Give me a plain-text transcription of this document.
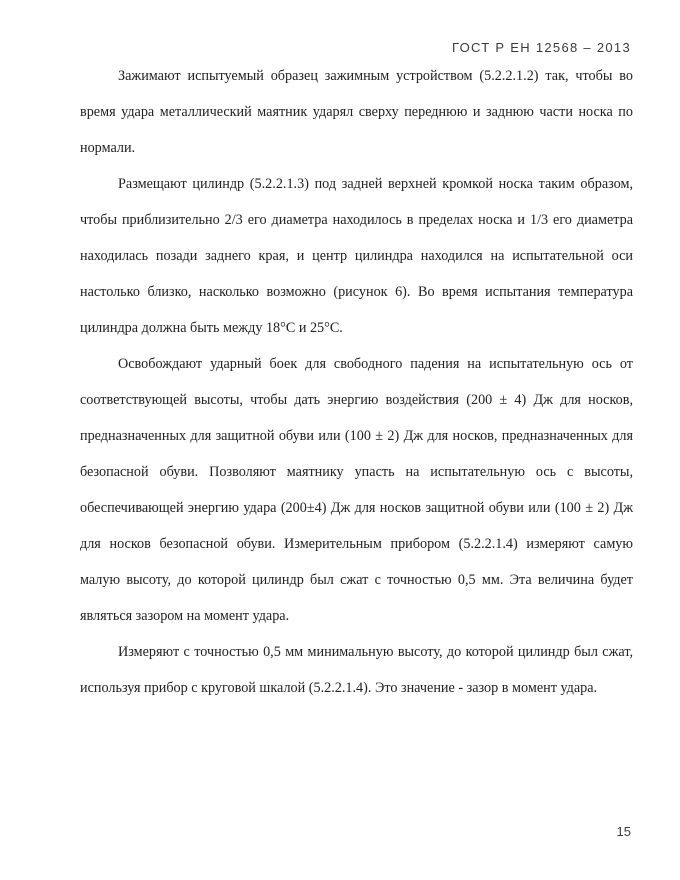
ГОСТ Р ЕН 12568 – 2013

Зажимают испытуемый образец зажимным устройством (5.2.2.1.2) так, чтобы во время удара металлический маятник ударял сверху переднюю и заднюю части носка по нормали.

Размещают цилиндр (5.2.2.1.3) под задней верхней кромкой носка таким образом, чтобы приблизительно 2/3 его диаметра находилось в пределах носка и 1/3 его диаметра находилась позади заднего края, и центр цилиндра находился на испытательной оси настолько близко, насколько возможно (рисунок 6). Во время испытания температура цилиндра должна быть между 18°С и 25°С.

Освобождают ударный боек для свободного падения на испытательную ось от соответствующей высоты, чтобы дать энергию воздействия (200 ± 4) Дж для носков, предназначенных для защитной обуви или (100 ± 2) Дж для носков, предназначенных для безопасной обуви. Позволяют маятнику упасть на испытательную ось с высоты, обеспечивающей энергию удара (200±4) Дж для носков защитной обуви или (100 ± 2) Дж для носков безопасной обуви. Измерительным прибором (5.2.2.1.4) измеряют самую малую высоту, до которой цилиндр был сжат с точностью 0,5 мм. Эта величина будет являться зазором на момент удара.

Измеряют с точностью 0,5 мм минимальную высоту, до которой цилиндр был сжат, используя прибор с круговой шкалой (5.2.2.1.4). Это значение - зазор в момент удара.

15
